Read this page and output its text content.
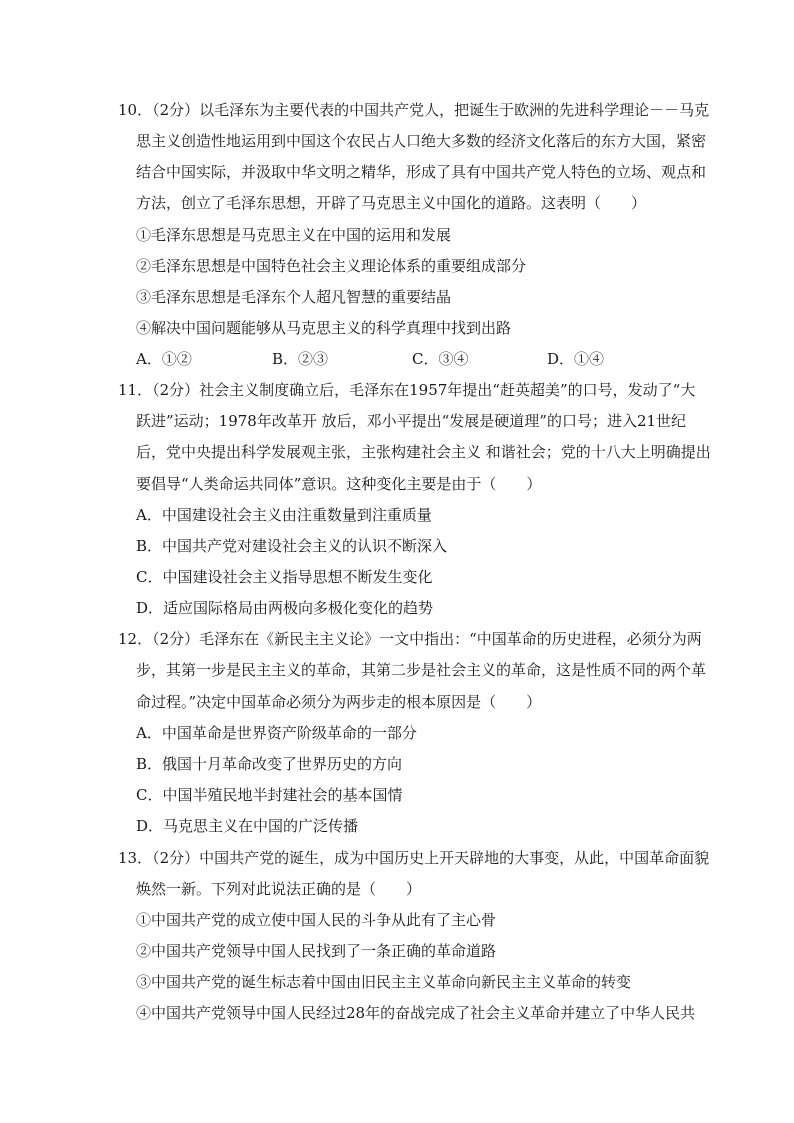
10．（2分）以毛泽东为主要代表的中国共产党人，把诞生于欧洲的先进科学理论－－马克
思主义创造性地运用到中国这个农民占人口绝大多数的经济文化落后的东方大国，紧密
结合中国实际，并汲取中华文明之精华，形成了具有中国共产党人特色的立场、观点和
方法，创立了毛泽东思想，开辟了马克思主义中国化的道路。这表明（　　）
①毛泽东思想是马克思主义在中国的运用和发展
②毛泽东思想是中国特色社会主义理论体系的重要组成部分
③毛泽东思想是毛泽东个人超凡智慧的重要结晶
④解决中国问题能够从马克思主义的科学真理中找到出路
A．①②	B．②③	C．③④	D．①④
11．（2分）社会主义制度确立后，毛泽东在1957年提出“赶英超美”的口号，发动了“大
跃进”运动；1978年改革开 放后，邓小平提出“发展是硬道理”的口号；进入21世纪
后，党中央提出科学发展观主张，主张构建社会主义 和谐社会；党的十八大上明确提出
要倡导“人类命运共同体”意识。这种变化主要是由于（　　）
A．中国建设社会主义由注重数量到注重质量
B．中国共产党对建设社会主义的认识不断深入
C．中国建设社会主义指导思想不断发生变化
D．适应国际格局由两极向多极化变化的趋势
12．（2分）毛泽东在《新民主主义论》一文中指出：“中国革命的历史进程，必须分为两
步，其第一步是民主主义的革命，其第二步是社会主义的革命，这是性质不同的两个革
命过程。”决定中国革命必须分为两步走的根本原因是（　　）
A．中国革命是世界资产阶级革命的一部分
B．俄国十月革命改变了世界历史的方向
C．中国半殖民地半封建社会的基本国情
D．马克思主义在中国的广泛传播
13．（2分）中国共产党的诞生，成为中国历史上开天辟地的大事变，从此，中国革命面貌
焕然一新。下列对此说法正确的是（　　）
①中国共产党的成立使中国人民的斗争从此有了主心骨
②中国共产党领导中国人民找到了一条正确的革命道路
③中国共产党的诞生标志着中国由旧民主主义革命向新民主主义革命的转变
④中国共产党领导中国人民经过28年的奋战完成了社会主义革命并建立了中华人民共
